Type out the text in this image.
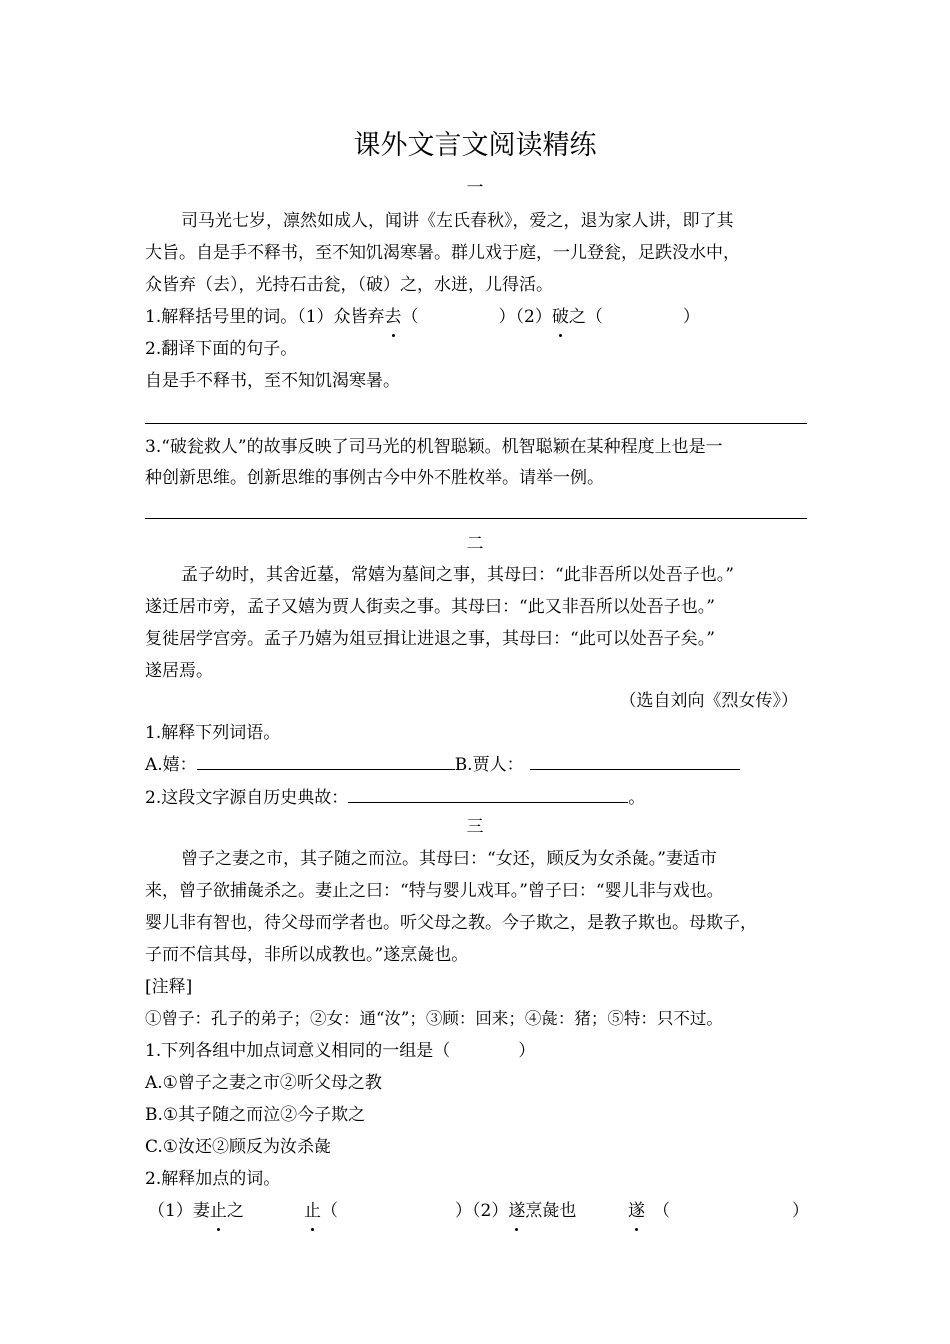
课外文言文阅读精练
一
司马光七岁，凛然如成人，闻讲《左氏春秋》，爱之，退为家人讲，即了其
大旨。自是手不释书，至不知饥渴寒暑。群儿戏于庭，一儿登瓮，足跌没水中，
众皆弃（去），光持石击瓮，（破）之，水迸，儿得活。
1.解释括号里的词。（1）众皆弃去（	）（2）破之（	）
2.翻译下面的句子。
自是手不释书，至不知饥渴寒暑。
3.“破瓮救人”的故事反映了司马光的机智聪颖。机智聪颖在某种程度上也是一
种创新思维。创新思维的事例古今中外不胜枚举。请举一例。
二
孟子幼时，其舍近墓，常嬉为墓间之事，其母曰：“此非吾所以处吾子也。”
遂迁居市旁，孟子又嬉为贾人街卖之事。其母曰：“此又非吾所以处吾子也。”
复徙居学宫旁。孟子乃嬉为俎豆揖让进退之事，其母曰：“此可以处吾子矣。”
遂居焉。
（选自刘向《烈女传》）
1.解释下列词语。
A.嬉：	B.贾人：
2.这段文字源自历史典故：	。
三
曾子之妻之市，其子随之而泣。其母曰：“女还，顾反为女杀彘。”妻适市
来，曾子欲捕彘杀之。妻止之曰：“特与婴儿戏耳。”曾子曰：“婴儿非与戏也。
婴儿非有智也，待父母而学者也。听父母之教。今子欺之，是教子欺也。母欺子，
子而不信其母，非所以成教也。”遂烹彘也。
[注释]
①曾子：孔子的弟子；②女：通“汝”；③顾：回来；④彘：猪；⑤特：只不过。
1.下列各组中加点词意义相同的一组是（　　　　）
A.①曾子之妻之市②听父母之教
B.①其子随之而泣②今子欺之
C.①汝还②顾反为汝杀彘
2.解释加点的词。
（1）妻止之	止（	）（2）遂烹彘也	遂 （	）
